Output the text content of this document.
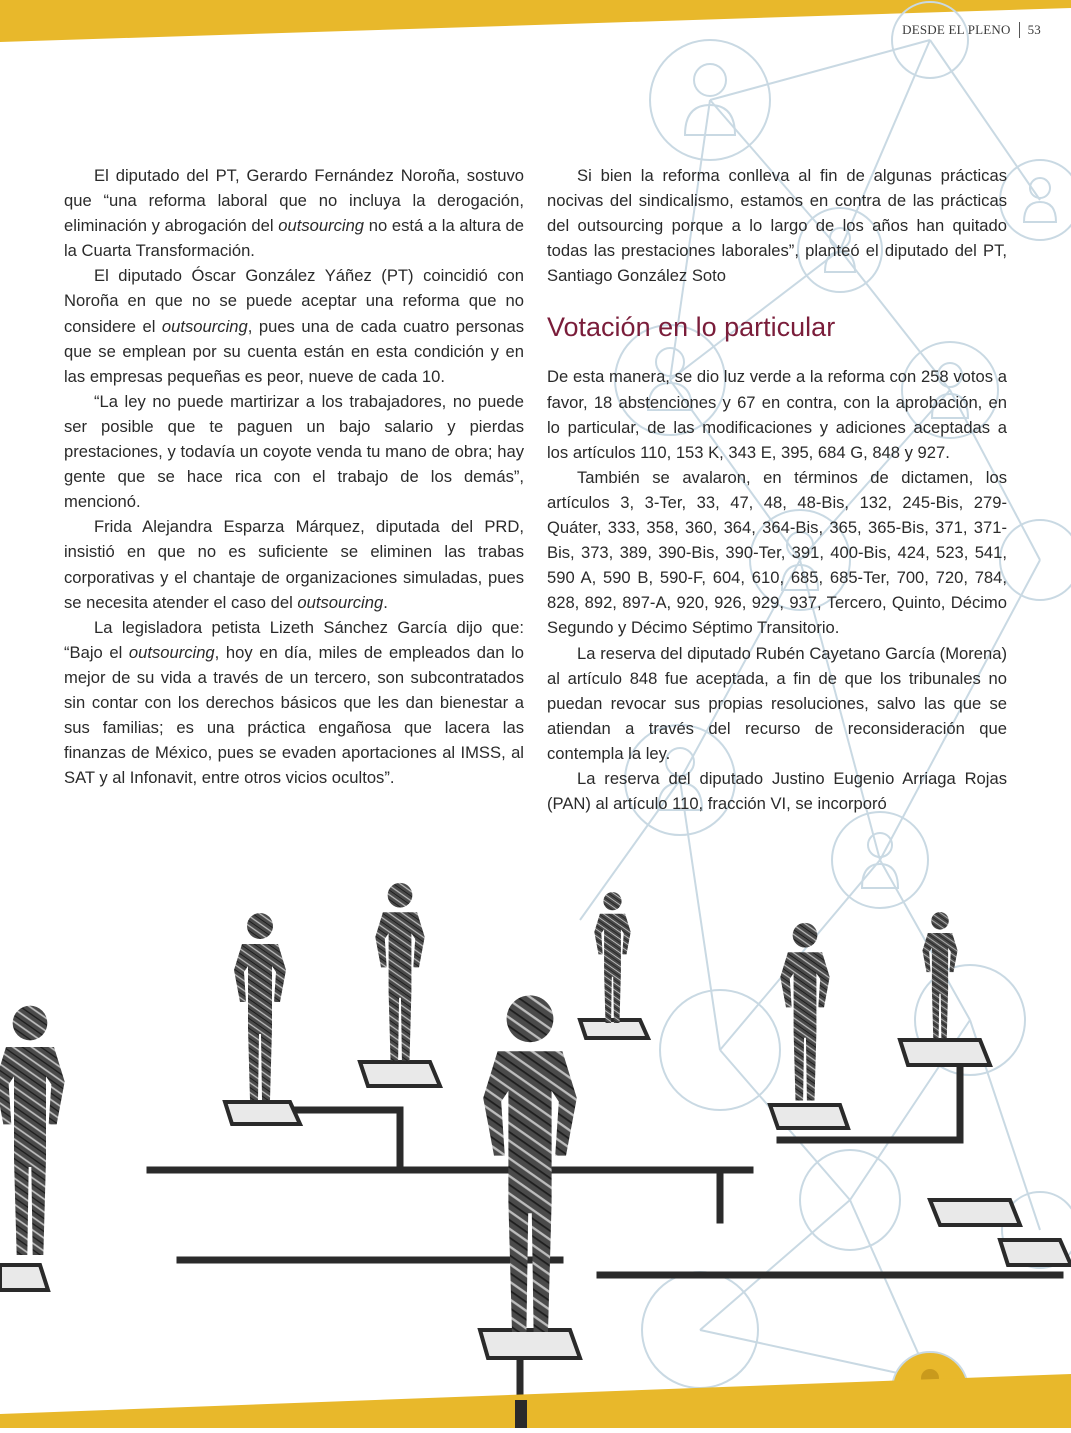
DESDE EL PLENO 53

El diputado del PT, Gerardo Fernández Noroña, sostuvo que “una reforma laboral que no incluya la derogación, eliminación y abrogación del outsourcing no está a la altura de la Cuarta Transformación.

El diputado Óscar González Yáñez (PT) coincidió con Noroña en que no se puede aceptar una reforma que no considere el outsourcing, pues una de cada cuatro personas que se emplean por su cuenta están en esta condición y en las empresas pequeñas es peor, nueve de cada 10.

“La ley no puede martirizar a los trabajadores, no puede ser posible que te paguen un bajo salario y pierdas prestaciones, y todavía un coyote venda tu mano de obra; hay gente que se hace rica con el trabajo de los demás”, mencionó.

Frida Alejandra Esparza Márquez, diputada del PRD, insistió en que no es suficiente se eliminen las trabas corporativas y el chantaje de organizaciones simuladas, pues se necesita atender el caso del outsourcing.

La legisladora petista Lizeth Sánchez García dijo que: “Bajo el outsourcing, hoy en día, miles de empleados dan lo mejor de su vida a través de un tercero, son subcontratados sin contar con los derechos básicos que les dan bienestar a sus familias; es una práctica engañosa que lacera las finanzas de México, pues se evaden aportaciones al IMSS, al SAT y al Infonavit, entre otros vicios ocultos”.

Si bien la reforma conlleva al fin de algunas prácticas nocivas del sindicalismo, estamos en contra de las prácticas del outsourcing porque a lo largo de los años han quitado todas las prestaciones laborales”, planteó el diputado del PT, Santiago González Soto

Votación en lo particular

De esta manera, se dio luz verde a la reforma con 258 votos a favor, 18 abstenciones y 67 en contra, con la aprobación, en lo particular, de las modificaciones y adiciones aceptadas a los artículos 110, 153 K, 343 E, 395, 684 G, 848 y 927.

También se avalaron, en términos de dictamen, los artículos 3, 3-Ter, 33, 47, 48, 48-Bis, 132, 245-Bis, 279-Quáter, 333, 358, 360, 364, 364-Bis, 365, 365-Bis, 371, 371-Bis, 373, 389, 390-Bis, 390-Ter, 391, 400-Bis, 424, 523, 541, 590 A, 590 B, 590-F, 604, 610, 685, 685-Ter, 700, 720, 784, 828, 892, 897-A, 920, 926, 929, 937, Tercero, Quinto, Décimo Segundo y Décimo Séptimo Transitorio.

La reserva del diputado Rubén Cayetano García (Morena) al artículo 848 fue aceptada, a fin de que los tribunales no puedan revocar sus propias resoluciones, salvo las que se atiendan a través del recurso de reconsideración que contempla la ley.

La reserva del diputado Justino Eugenio Arriaga Rojas (PAN) al artículo 110, fracción VI, se incorporó
